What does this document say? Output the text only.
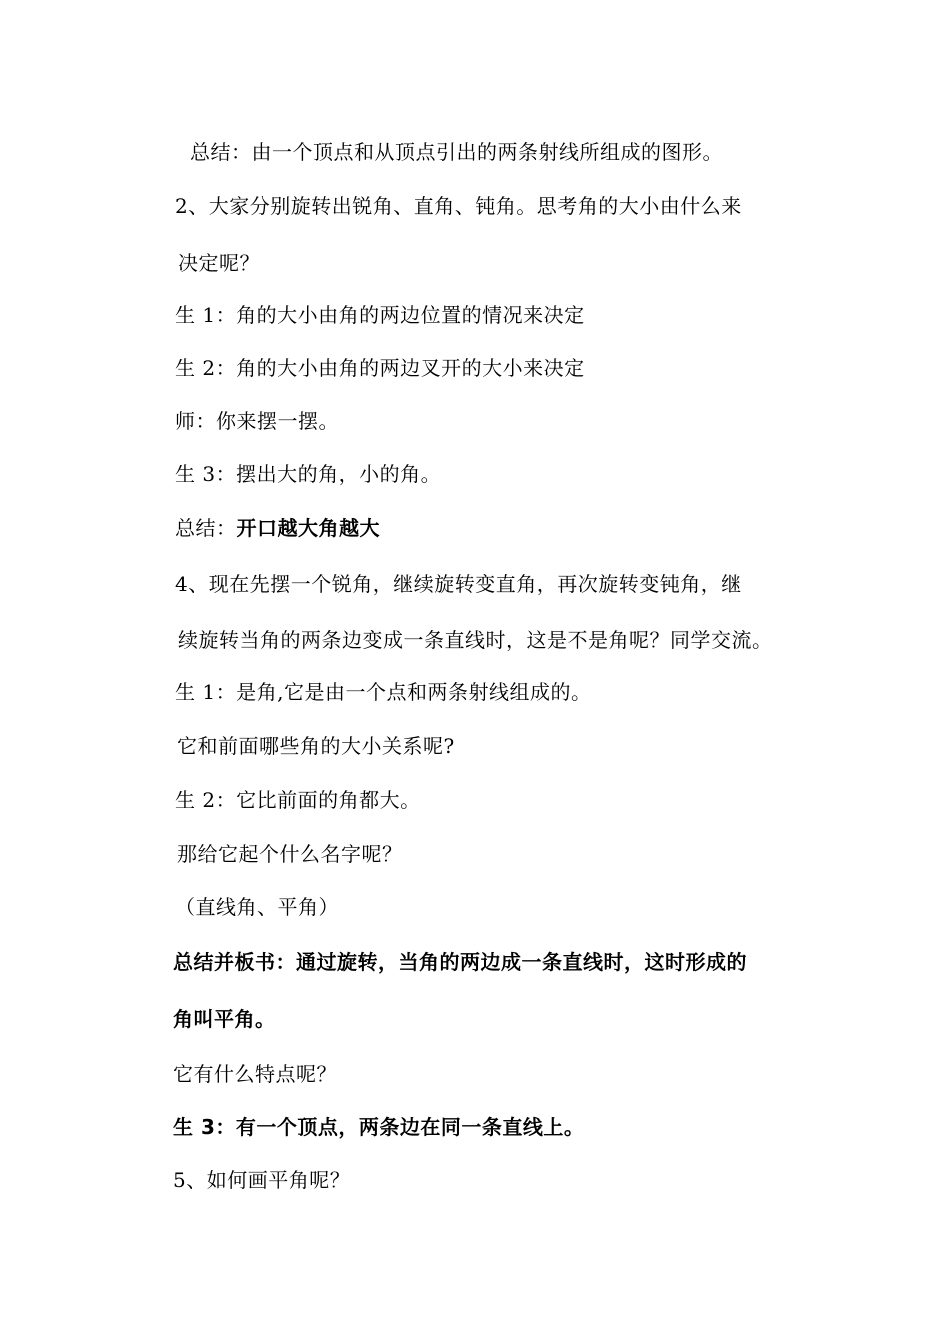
总结：由一个顶点和从顶点引出的两条射线所组成的图形。
2、大家分别旋转出锐角、直角、钝角。思考角的大小由什么来
决定呢？
生 1：角的大小由角的两边位置的情况来决定
生 2：角的大小由角的两边叉开的大小来决定
师：你来摆一摆。
生 3：摆出大的角，小的角。
总结：开口越大角越大
4、现在先摆一个锐角，继续旋转变直角，再次旋转变钝角，继
续旋转当角的两条边变成一条直线时，这是不是角呢？同学交流。
生 1：是角,它是由一个点和两条射线组成的。
它和前面哪些角的大小关系呢?
生 2：它比前面的角都大。
那给它起个什么名字呢？
（直线角、平角）
总结并板书：通过旋转，当角的两边成一条直线时，这时形成的
角叫平角。
它有什么特点呢？
生 3：有一个顶点，两条边在同一条直线上。
5、如何画平角呢？
